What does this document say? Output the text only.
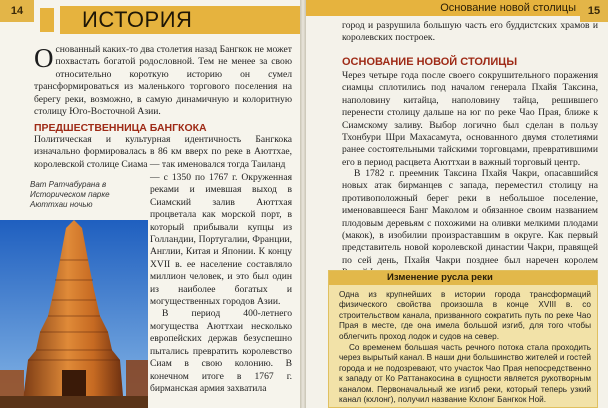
14	ИСТОРИЯ
Основанный каких-то два столетия назад Бангкок не может похвастать богатой родословной. Тем не менее за свою относительно короткую историю он сумел трансформироваться из маленького торгового поселения на берегу реки, возможно, в самую динамичную и колоритную столицу Юго-Восточной Азии.
ПРЕДШЕСТВЕННИЦА БАНГКОКА
Политическая и культурная идентичность Бангкока изначально формировалась в 86 км вверх по реке в Аюттхае, королевской столице Сиама — так именовался тогда Таиланд

— с 1350 по 1767 г. Окруженная реками и имевшая выход в Сиамский залив Аюттхая процветала как морской порт, в который прибывали купцы из Голландии, Португалии, Франции, Англии, Китая и Японии. К концу XVII в. ее население составляло миллион человек, и это был один из наиболее богатых и могущественных городов Азии.

В период 400-летнего могущества Аюттхаи несколько европейских держав безуспешно пытались превратить королевство Сиам в свою колонию. В конечном итоге в 1767 г. бирманская армия захватила

Ват Ратчабурана в Историческом парке Аюттхаи ночью
Основание новой столицы	15
город и разрушила большую часть его буддистских храмов и королевских построек.
ОСНОВАНИЕ НОВОЙ СТОЛИЦЫ
Через четыре года после своего сокрушительного поражения сиамцы сплотились под началом генерала Пхайя Таксина, наполовину китайца, наполовину тайца, решившего перенести столицу дальше на юг по реке Чао Прая, ближе к Сиамскому заливу. Выбор логично был сделан в пользу Тхонбури Шри Махасамута, основанного двумя столетиями ранее состоятельными тайскими торговцами, превратившими его в период расцвета Аюттхаи в важный торговый центр.
В 1782 г. преемник Таксина Пхайя Чакри, опасавшийся новых атак бирманцев с запада, переместил столицу на противоположный берег реки в небольшое поселение, именовавшееся Банг Маколом и обязанное своим названием плодовым деревьям с похожими на оливки мелкими плодами (макок), в изобилии произраставшим в округе. Как первый представитель новой королевской династии Чакри, правящей по сей день, Пхайя Чакри позднее был наречен королем
Изменение русла реки

Одна из крупнейших в истории города трансформаций физического свойства произошла в конце XVIII в. со строительством канала, призванного сократить путь по реке Чао Прая в месте, где она имела большой изгиб, для того чтобы облегчить проход лодок и судов на север.

Со временем большая часть речного потока стала проходить через вырытый канал. В наши дни большинство жителей и гостей города и не подозревают, что участок Чао Прая непосредственно к западу от Ко Раттанакосина в сущности является рукотворным каналом. Первоначальный же изгиб реки, который теперь узкий канал (кхлонг), получил название Кхлонг Бангкок Ной.
